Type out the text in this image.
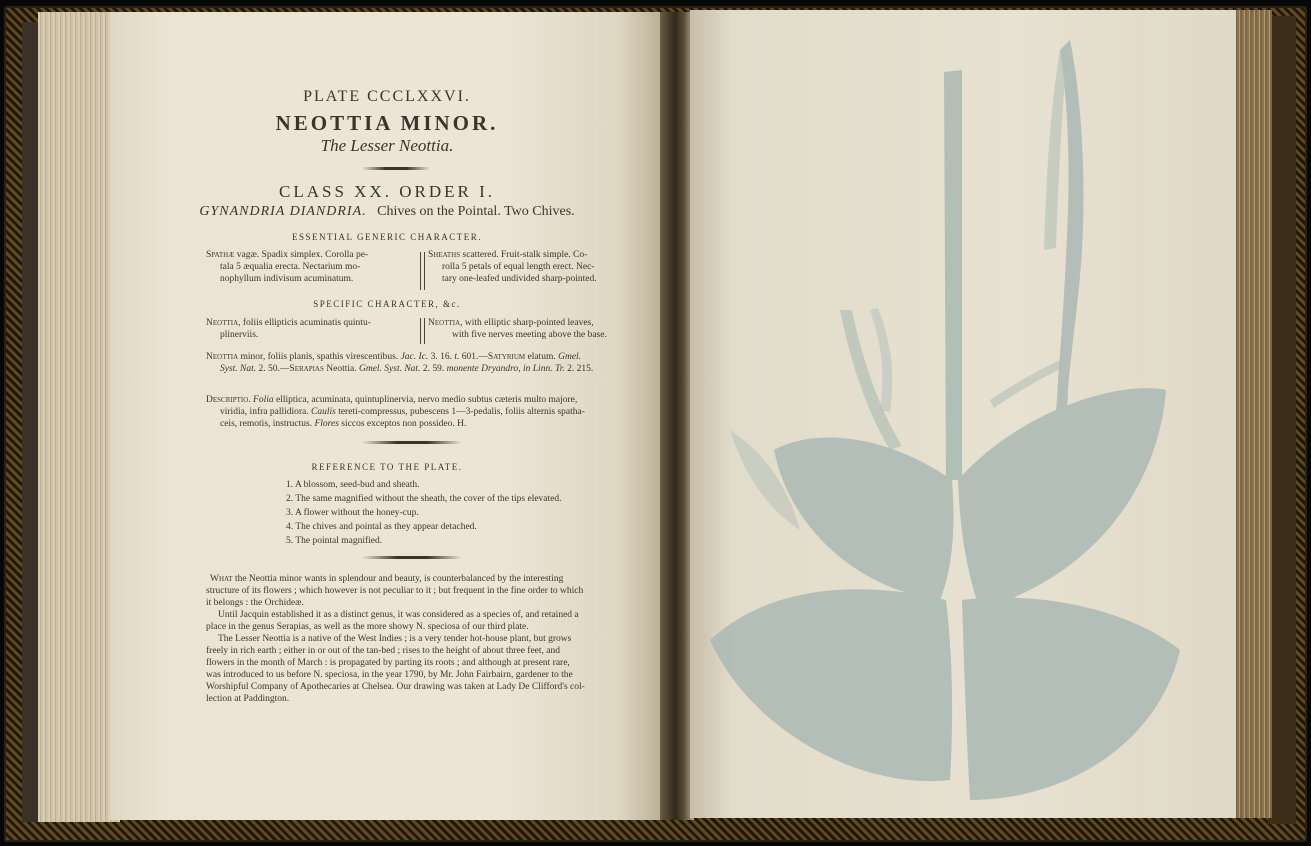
PLATE CCCLXXVI.
NEOTTIA MINOR.
The Lesser Neottia.
CLASS XX. ORDER I.
GYNANDRIA DIANDRIA. Chives on the Pointal. Two Chives.
ESSENTIAL GENERIC CHARACTER.
Spathæ vagæ. Spadix simplex. Corolla pe-
tala 5 æqualia erecta. Nectarium mo-
nophyllum indivisum acuminatum.
Sheaths scattered. Fruit-stalk simple. Co-
rolla 5 petals of equal length erect. Nec-
tary one-leafed undivided sharp-pointed.
SPECIFIC CHARACTER, &c.
Neottia, foliis ellipticis acuminatis quintu-
plinerviis.
Neottia, with elliptic sharp-pointed leaves,
with five nerves meeting above the base.
Neottia minor, foliis planis, spathis virescentibus. Jac. Ic. 3. 16. t. 601.—Satyrium elatum. Gmel.
Syst. Nat. 2. 50.—Serapias Neottia. Gmel. Syst. Nat. 2. 59. monente Dryandro, in Linn. Tr. 2. 215.
Descriptio. Folia elliptica, acuminata, quintuplinervia, nervo medio subtus cæteris multo majore,
viridia, infra pallidiora. Caulis tereti-compressus, pubescens 1—3-pedalis, foliis alternis spatha-
ceis, remotis, instructus. Flores siccos exceptos non possideo. H.
REFERENCE TO THE PLATE.
1. A blossom, seed-bud and sheath.
2. The same magnified without the sheath, the cover of the tips elevated.
3. A flower without the honey-cup.
4. The chives and pointal as they appear detached.
5. The pointal magnified.
What the Neottia minor wants in splendour and beauty, is counterbalanced by the interesting
structure of its flowers ; which however is not peculiar to it ; but frequent in the fine order to which
it belongs : the Orchideæ.
Until Jacquin established it as a distinct genus, it was considered as a species of, and retained a
place in the genus Serapias, as well as the more showy N. speciosa of our third plate.
The Lesser Neottia is a native of the West Indies ; is a very tender hot-house plant, but grows
freely in rich earth ; either in or out of the tan-bed ; rises to the height of about three feet, and
flowers in the month of March : is propagated by parting its roots ; and although at present rare,
was introduced to us before N. speciosa, in the year 1790, by Mr. John Fairbairn, gardener to the
Worshipful Company of Apothecaries at Chelsea. Our drawing was taken at Lady De Clifford's col-
lection at Paddington.
